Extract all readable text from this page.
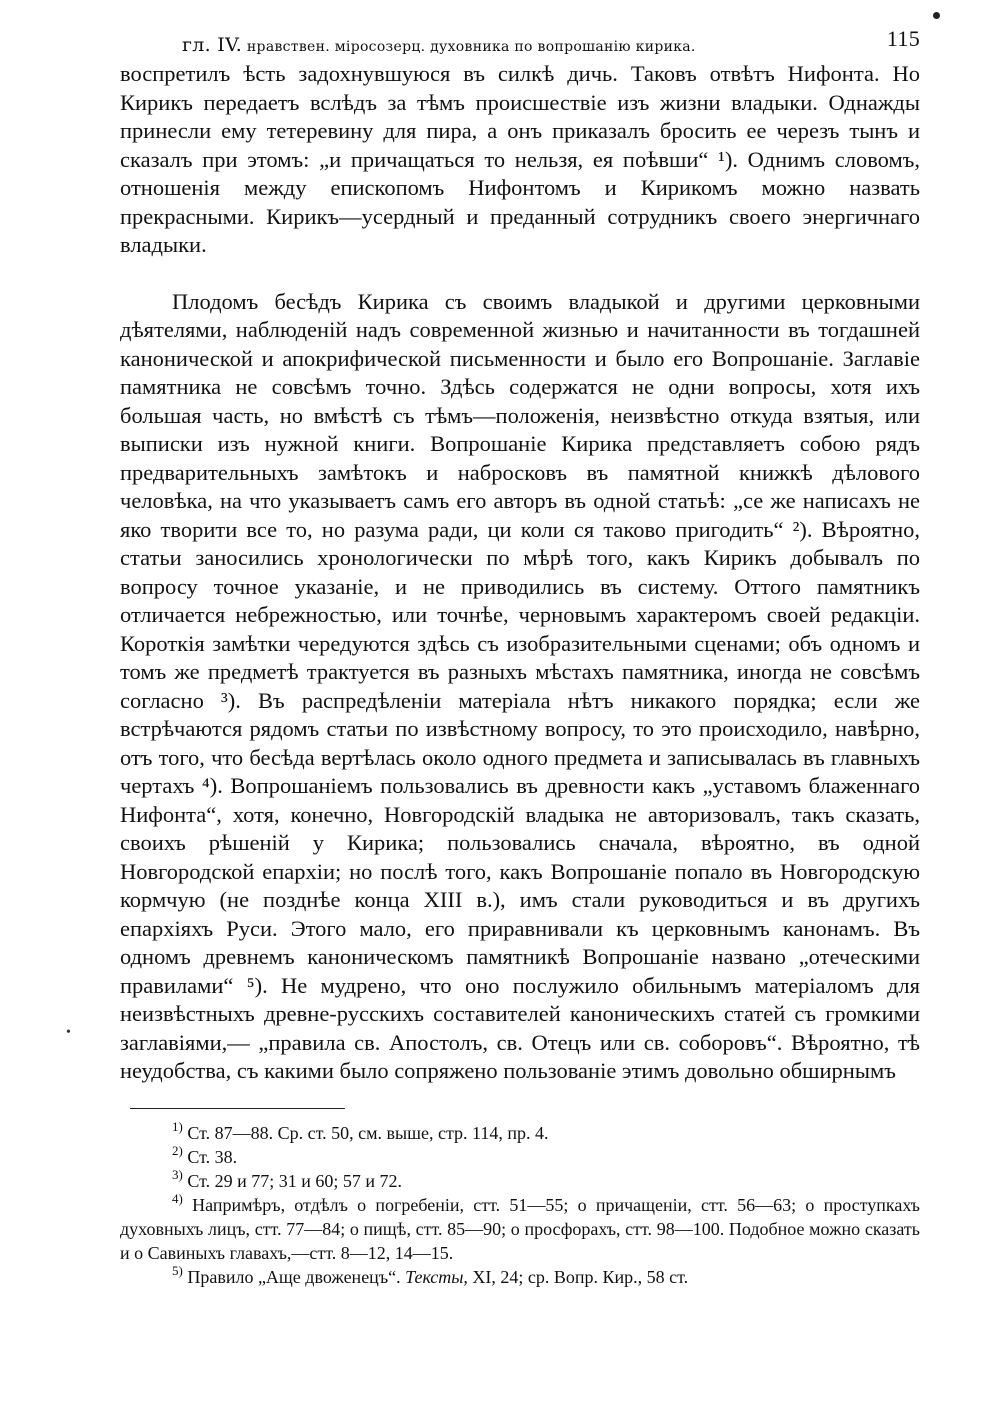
гл. IV. нравствен. міросозерц. духовника по вопрошанію кирика.	115

воспретилъ ѣсть задохнувшуюся въ силкѣ дичь. Таковъ отвѣтъ Нифонта. Но Кирикъ передаетъ вслѣдъ за тѣмъ происшествіе изъ жизни владыки. Однажды принесли ему тетеревину для пира, а онъ приказалъ бросить ее черезъ тынъ и сказалъ при этомъ: „и причащаться то нельзя, ея поѣвши“ ¹). Однимъ словомъ, отношенія между епископомъ Нифонтомъ и Кирикомъ можно назвать прекрасными. Кирикъ—усердный и преданный сотрудникъ своего энергичнаго владыки.

Плодомъ бесѣдъ Кирика съ своимъ владыкой и другими церковными дѣятелями, наблюденій надъ современной жизнью и начитанности въ тогдашней канонической и апокрифической письменности и было его Вопрошаніе. Заглавіе памятника не совсѣмъ точно. Здѣсь содержатся не одни вопросы, хотя ихъ большая часть, но вмѣстѣ съ тѣмъ—положенія, неизвѣстно откуда взятыя, или выписки изъ нужной книги. Вопрошаніе Кирика представляетъ собою рядъ предварительныхъ замѣтокъ и набросковъ въ памятной книжкѣ дѣлового человѣка, на что указываетъ самъ его авторъ въ одной статьѣ: „се же написахъ не яко творити все то, но разума ради, ци коли ся таково пригодить“ ²). Вѣроятно, статьи заносились хронологически по мѣрѣ того, какъ Кирикъ добывалъ по вопросу точное указаніе, и не приводились въ систему. Оттого памятникъ отличается небрежностью, или точнѣе, черновымъ характеромъ своей редакціи. Короткія замѣтки чередуются здѣсь съ изобразительными сценами; объ одномъ и томъ же предметѣ трактуется въ разныхъ мѣстахъ памятника, иногда не совсѣмъ согласно ³). Въ распредѣленіи матеріала нѣтъ никакого порядка; если же встрѣчаются рядомъ статьи по извѣстному вопросу, то это происходило, навѣрно, отъ того, что бесѣда вертѣлась около одного предмета и записывалась въ главныхъ чертахъ ⁴). Вопрошаніемъ пользовались въ древности какъ „уставомъ блаженнаго Нифонта“, хотя, конечно, Новгородскій владыка не авторизовалъ, такъ сказать, своихъ рѣшеній у Кирика; пользовались сначала, вѣроятно, въ одной Новгородской епархіи; но послѣ того, какъ Вопрошаніе попало въ Новгородскую кормчую (не позднѣе конца XIII в.), имъ стали руководиться и въ другихъ епархіяхъ Руси. Этого мало, его приравнивали къ церковнымъ канонамъ. Въ одномъ древнемъ каноническомъ памятникѣ Вопрошаніе названо „отеческими правилами“ ⁵). Не мудрено, что оно послужило обильнымъ матеріаломъ для неизвѣстныхъ древне-русскихъ составителей каноническихъ статей съ громкими заглавіями,— „правила св. Апостолъ, св. Отецъ или св. соборовъ“. Вѣроятно, тѣ неудобства, съ какими было сопряжено пользованіе этимъ довольно обширнымъ

$^{1)}$ Ст. 87—88. Ср. ст. 50, см. выше, стр. 114, пр. 4.

$^{2)}$ Ст. 38.

$^{3)}$ Ст. 29 и 77; 31 и 60; 57 и 72.

$^{4)}$ Напримѣръ, отдѣлъ о погребеніи, стт. 51—55; о причащеніи, стт. 56—63; о проступкахъ духовныхъ лицъ, стт. 77—84; о пищѣ, стт. 85—90; о просфорахъ, стт. 98—100. Подобное можно сказать и о Савиныхъ главахъ,—стт. 8—12, 14—15.

$^{5)}$ Правило „Аще двоженецъ“. Тексты, XI, 24; ср. Вопр. Кир., 58 ст.

•
